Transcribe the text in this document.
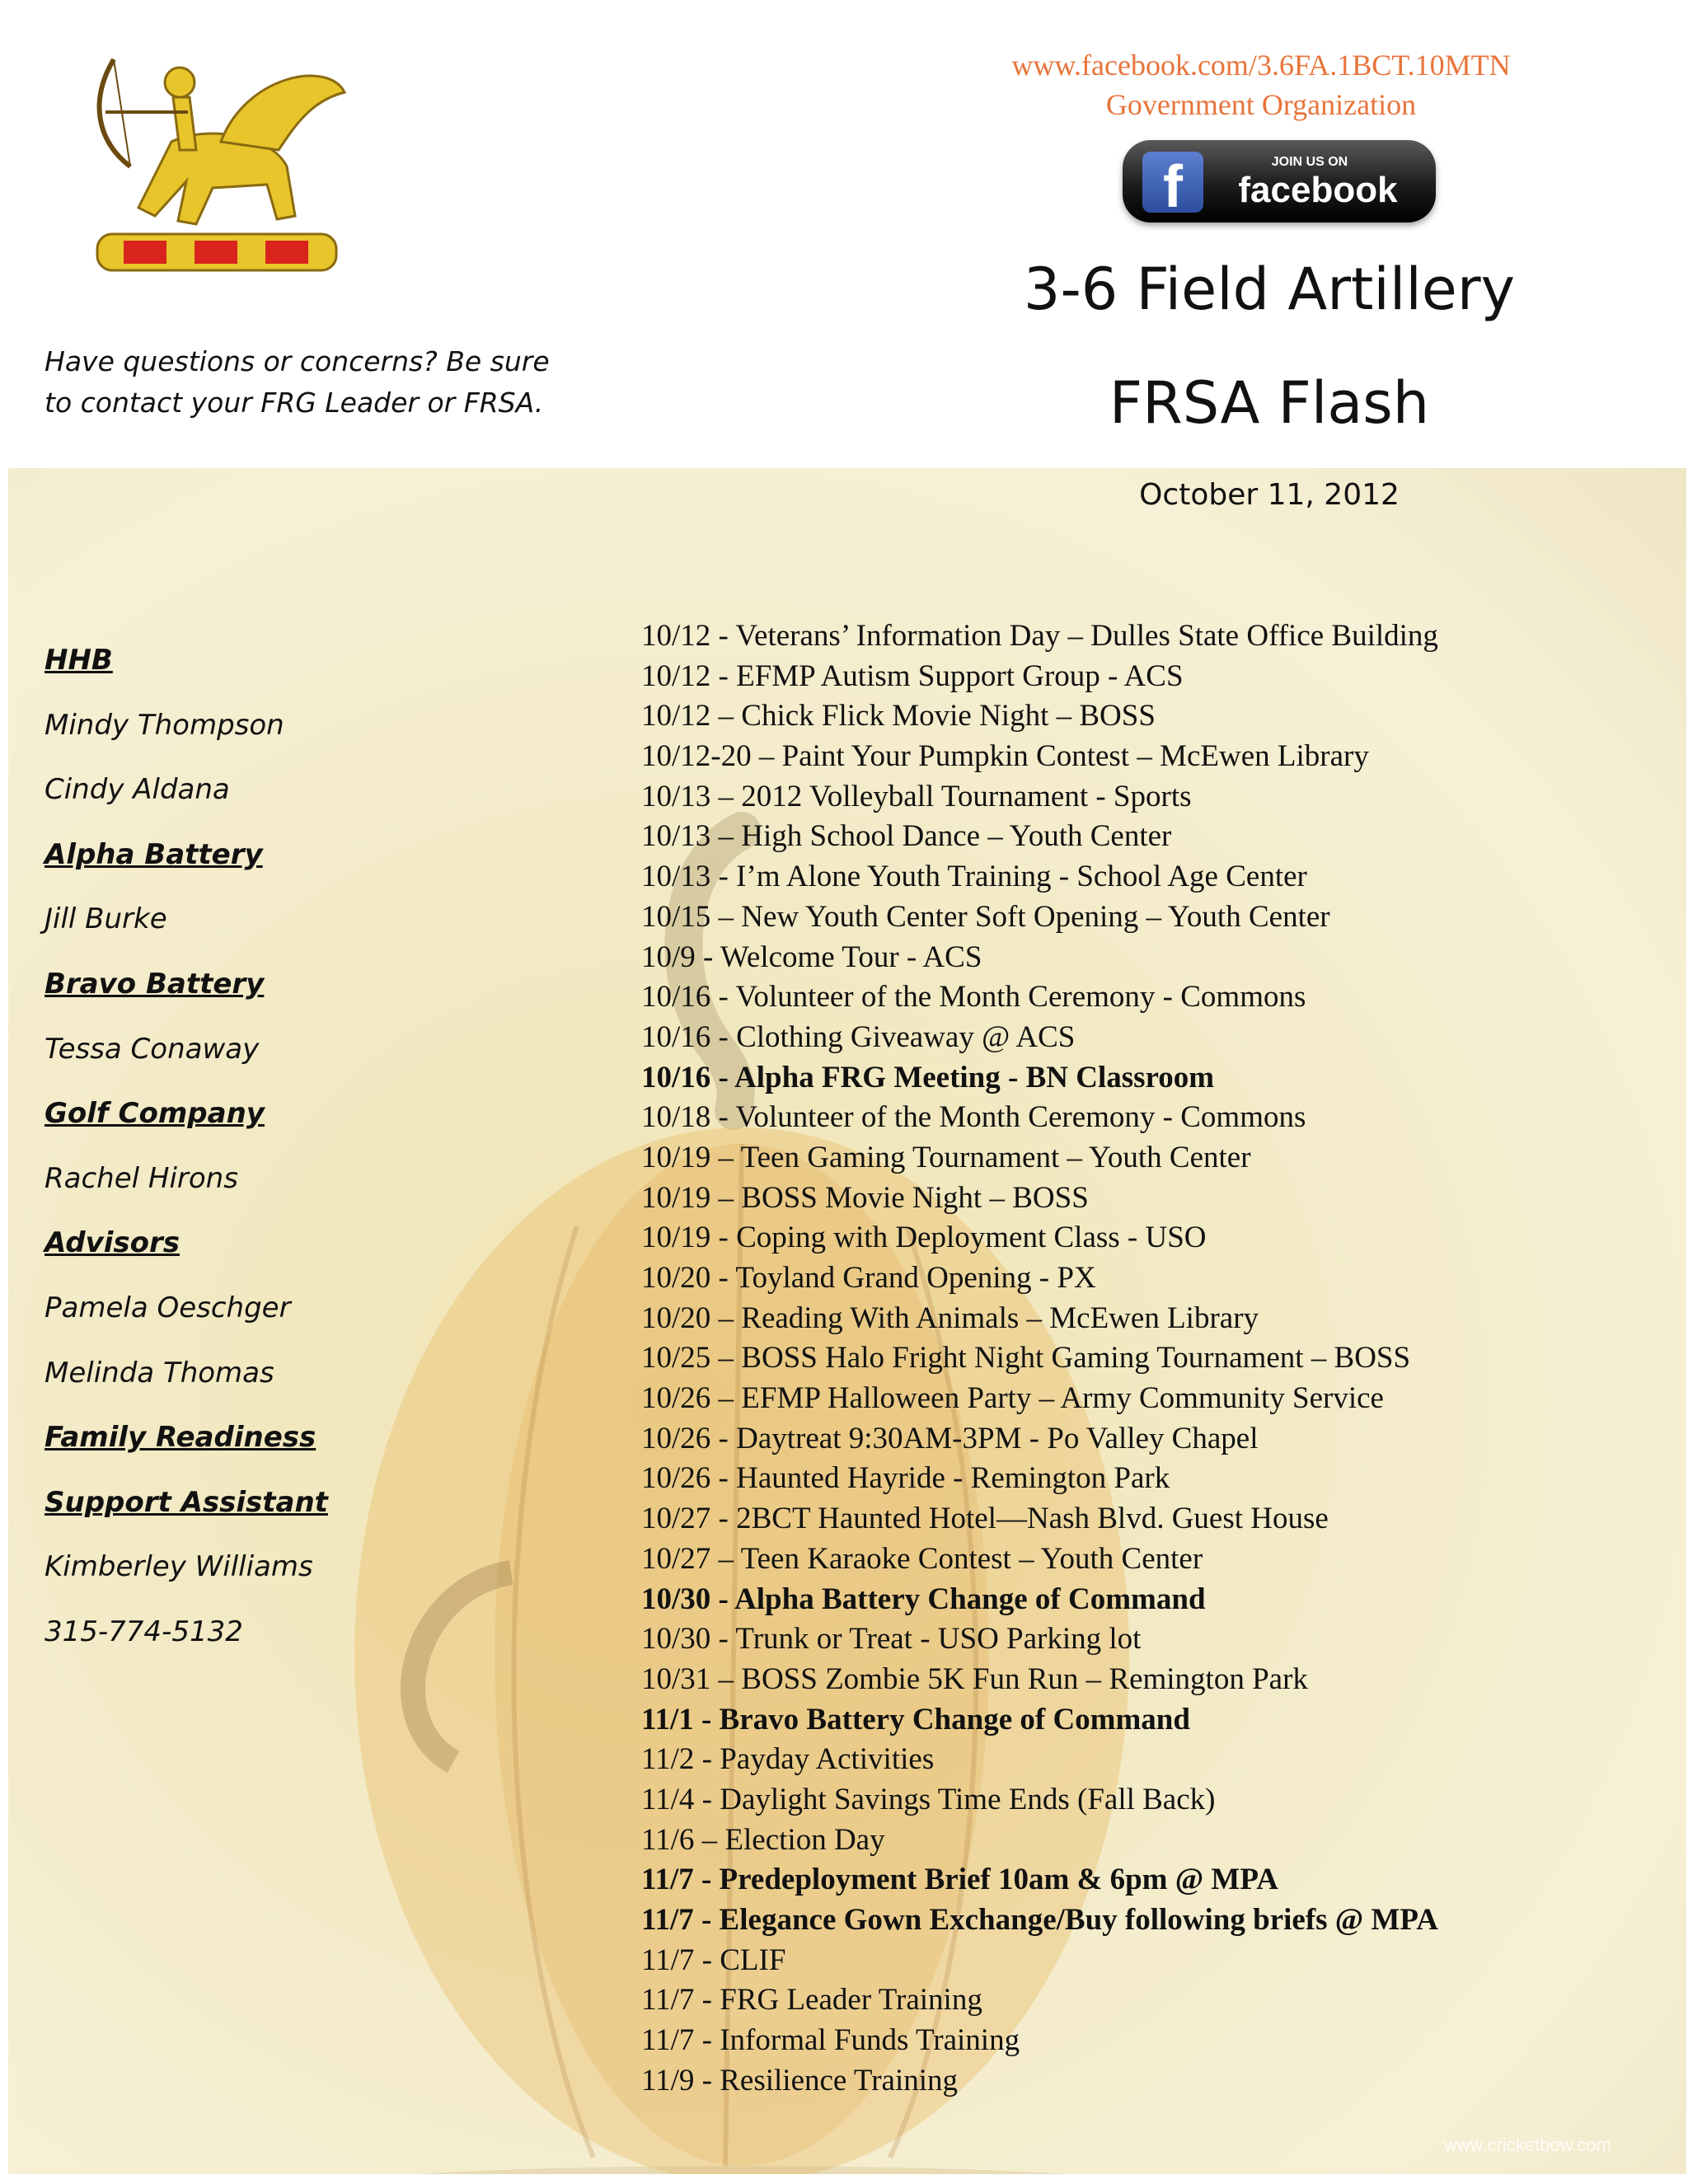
www.facebook.com/3.6FA.1BCT.10MTN
Government Organization
f	JOIN US ON
facebook
3-6 Field Artillery
FRSA Flash
Have questions or concerns? Be sure
to contact your FRG Leader or FRSA.
October 11, 2012
HHB
Mindy Thompson
Cindy Aldana
Alpha Battery
Jill Burke
Bravo Battery
Tessa Conaway
Golf Company
Rachel Hirons
Advisors
Pamela Oeschger
Melinda Thomas
Family Readiness
Support Assistant
Kimberley Williams
315-774-5132
10/12 - Veterans’ Information Day – Dulles State Office Building
10/12 - EFMP Autism Support Group - ACS
10/12 – Chick Flick Movie Night – BOSS
10/12-20 – Paint Your Pumpkin Contest – McEwen Library
10/13 – 2012 Volleyball Tournament - Sports
10/13 – High School Dance – Youth Center
10/13 - I’m Alone Youth Training - School Age Center
10/15 – New Youth Center Soft Opening – Youth Center
10/9 - Welcome Tour - ACS
10/16 - Volunteer of the Month Ceremony - Commons
10/16 - Clothing Giveaway @ ACS
10/16 - Alpha FRG Meeting - BN Classroom
10/18 - Volunteer of the Month Ceremony - Commons
10/19 – Teen Gaming Tournament – Youth Center
10/19 – BOSS Movie Night – BOSS
10/19 - Coping with Deployment Class - USO
10/20 - Toyland Grand Opening - PX
10/20 – Reading With Animals – McEwen Library
10/25 – BOSS Halo Fright Night Gaming Tournament – BOSS
10/26 – EFMP Halloween Party – Army Community Service
10/26 - Daytreat 9:30AM-3PM - Po Valley Chapel
10/26 - Haunted Hayride - Remington Park
10/27 - 2BCT Haunted Hotel—Nash Blvd. Guest House
10/27 – Teen Karaoke Contest – Youth Center
10/30 - Alpha Battery Change of Command
10/30 - Trunk or Treat - USO Parking lot
10/31 – BOSS Zombie 5K Fun Run – Remington Park
11/1 - Bravo Battery Change of Command
11/2 - Payday Activities
11/4 - Daylight Savings Time Ends (Fall Back)
11/6 – Election Day
11/7 - Predeployment Brief 10am & 6pm @ MPA
11/7 - Elegance Gown Exchange/Buy following briefs @ MPA
11/7 - CLIF
11/7 - FRG Leader Training
11/7 - Informal Funds Training
11/9 - Resilience Training
www.cricketbow.com
